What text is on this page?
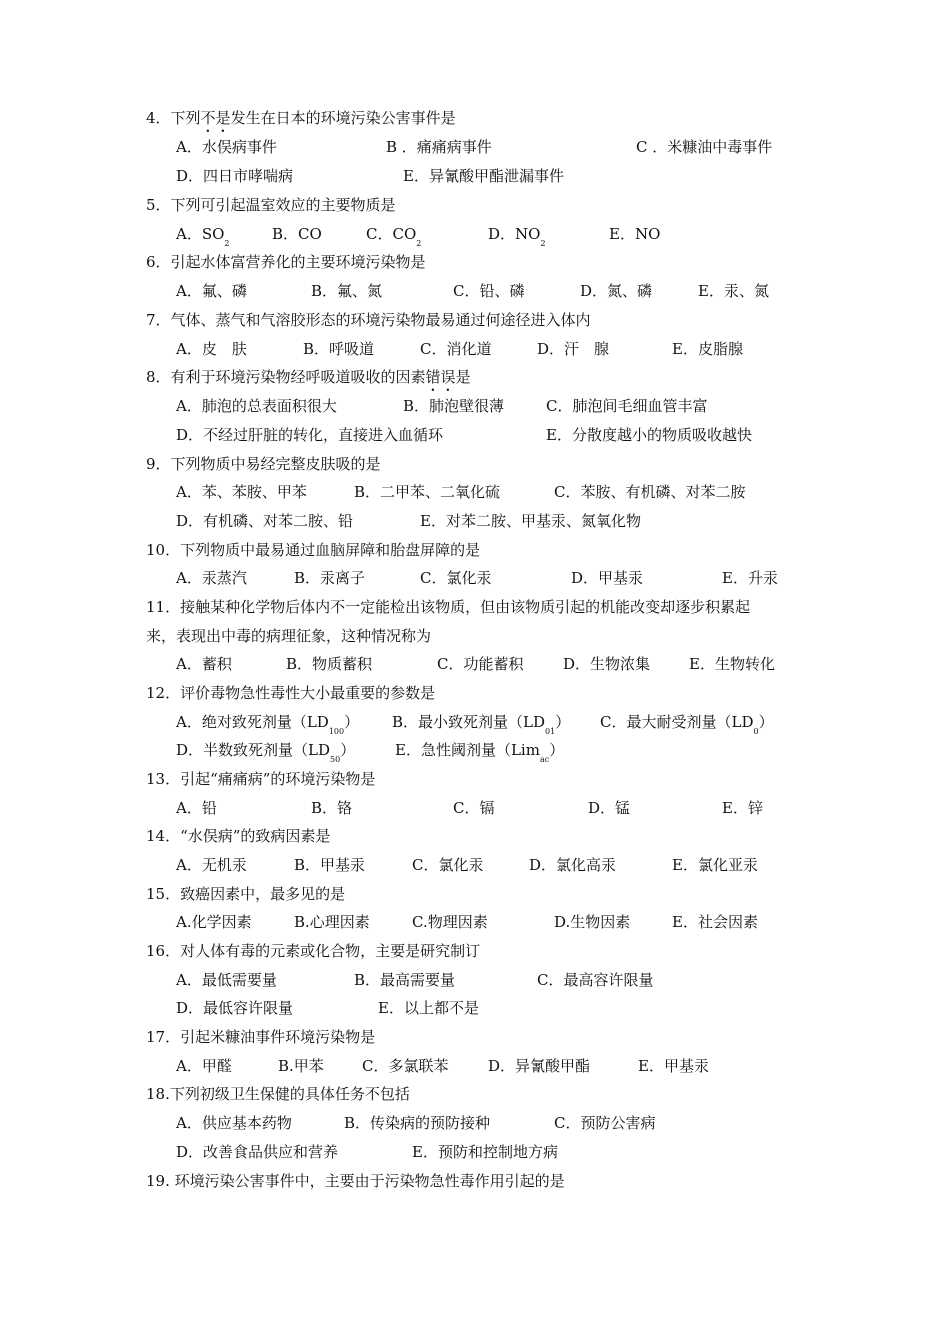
4．下列不是发生在日本的环境污染公害事件是
A．水俣病事件	B ．痛痛病事件	C ．米糠油中毒事件
D．四日市哮喘病	E．异氰酸甲酯泄漏事件
5．下列可引起温室效应的主要物质是
A．$SO_2$
B．CO	C．$CO_2$
D．$NO_2$
E．NO
6．引起水体富营养化的主要环境污染物是
A．氟、磷	B．氟、氮	C．铅、磷	D．氮、磷	E．汞、氮
7．气体、蒸气和气溶胶形态的环境污染物最易通过何途径进入体内
A．皮　肤	B．呼吸道	C．消化道	D．汗　腺	E．皮脂腺
8．有利于环境污染物经呼吸道吸收的因素错误是
A．肺泡的总表面积很大	B．肺泡壁很薄	C．肺泡间毛细血管丰富
D．不经过肝脏的转化，直接进入血循环	E．分散度越小的物质吸收越快
9．下列物质中易经完整皮肤吸的是
A．苯、苯胺、甲苯	B．二甲苯、二氧化硫	C．苯胺、有机磷、对苯二胺
D．有机磷、对苯二胺、铅	E．对苯二胺、甲基汞、氮氧化物
10．下列物质中最易通过血脑屏障和胎盘屏障的是
A．汞蒸汽	B．汞离子	C．氯化汞	D．甲基汞	E．升汞
11．接触某种化学物后体内不一定能检出该物质，但由该物质引起的机能改变却逐步积累起
来，表现出中毒的病理征象，这种情况称为
A．蓄积	B．物质蓄积	C．功能蓄积	D．生物浓集	E．生物转化
12．评价毒物急性毒性大小最重要的参数是
A．绝对致死剂量$(LD_{100})$ B．最小致死剂量$(LD_{01})$ C．最大耐受剂量$(LD_0)$
D．半数致死剂量$(LD_{50})$	E．急性阈剂量（Lim$_{ac}$）
13．引起“痛痛病”的环境污染物是
A．铅	B．铬	C．镉	D．锰	E．锌
14．“水俣病”的致病因素是
A．无机汞	B．甲基汞	C．氯化汞	D．氯化高汞	E．氯化亚汞
15．致癌因素中，最多见的是
A.化学因素	B.心理因素	C.物理因素	D.生物因素	E．社会因素
16．对人体有毒的元素或化合物，主要是研究制订
A．最低需要量	B．最高需要量	C．最高容许限量
D．最低容许限量	E．以上都不是
17．引起米糠油事件环境污染物是
A．甲醛	B.甲苯	C．多氯联苯	D．异氰酸甲酯	E．甲基汞
18.下列初级卫生保健的具体任务不包括
A．供应基本药物	B．传染病的预防接种	C．预防公害病
D．改善食品供应和营养	E．预防和控制地方病
19. 环境污染公害事件中，主要由于污染物急性毒作用引起的是
